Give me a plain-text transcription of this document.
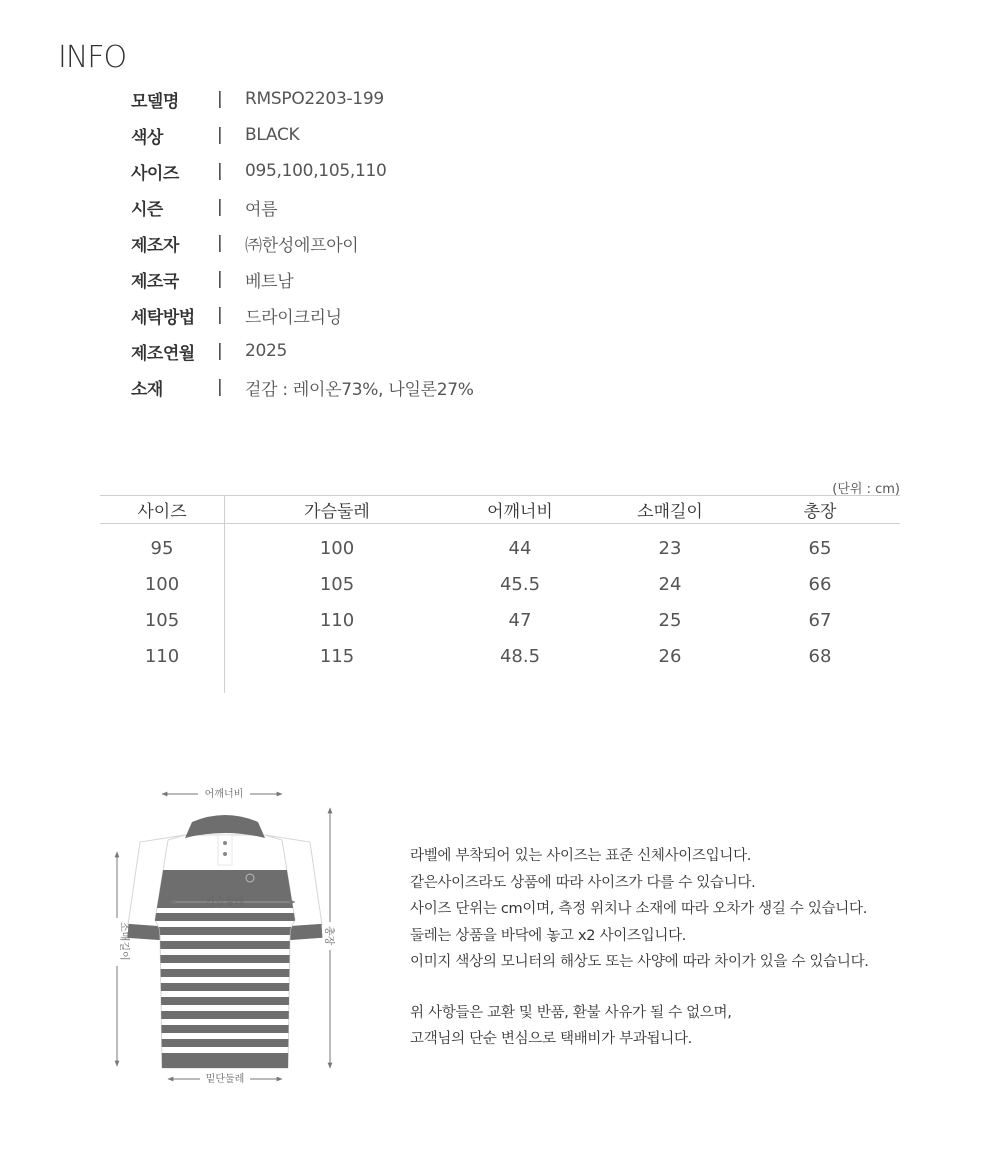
INFO
모델명	|	RMSPO2203-199
색상	|	BLACK
사이즈	|	095,100,105,110
시즌	|	여름
제조자	|	㈜한성에프아이
제조국	|	베트남
세탁방법	|	드라이크리닝
제조연월	|	2025
소재	|	겉감 : 레이온73%, 나일론27%
(단위 : cm)
사이즈	가슴둘레	어깨너비	소매길이	총장
95	100	44	23	65
100	105	45.5	24	66
105	110	47	25	67
110	115	48.5	26	68
어깨너비
가슴둘레
소매길이	총장
밑단둘레

라벨에 부착되어 있는 사이즈는 표준 신체사이즈입니다.

같은사이즈라도 상품에 따라 사이즈가 다를 수 있습니다.

사이즈 단위는 cm이며, 측정 위치나 소재에 따라 오차가 생길 수 있습니다.

둘레는 상품을 바닥에 놓고 x2 사이즈입니다.

이미지 색상의 모니터의 해상도 또는 사양에 따라 차이가 있을 수 있습니다.

위 사항들은 교환 및 반품, 환불 사유가 될 수 없으며,

고객님의 단순 변심으로 택배비가 부과됩니다.
